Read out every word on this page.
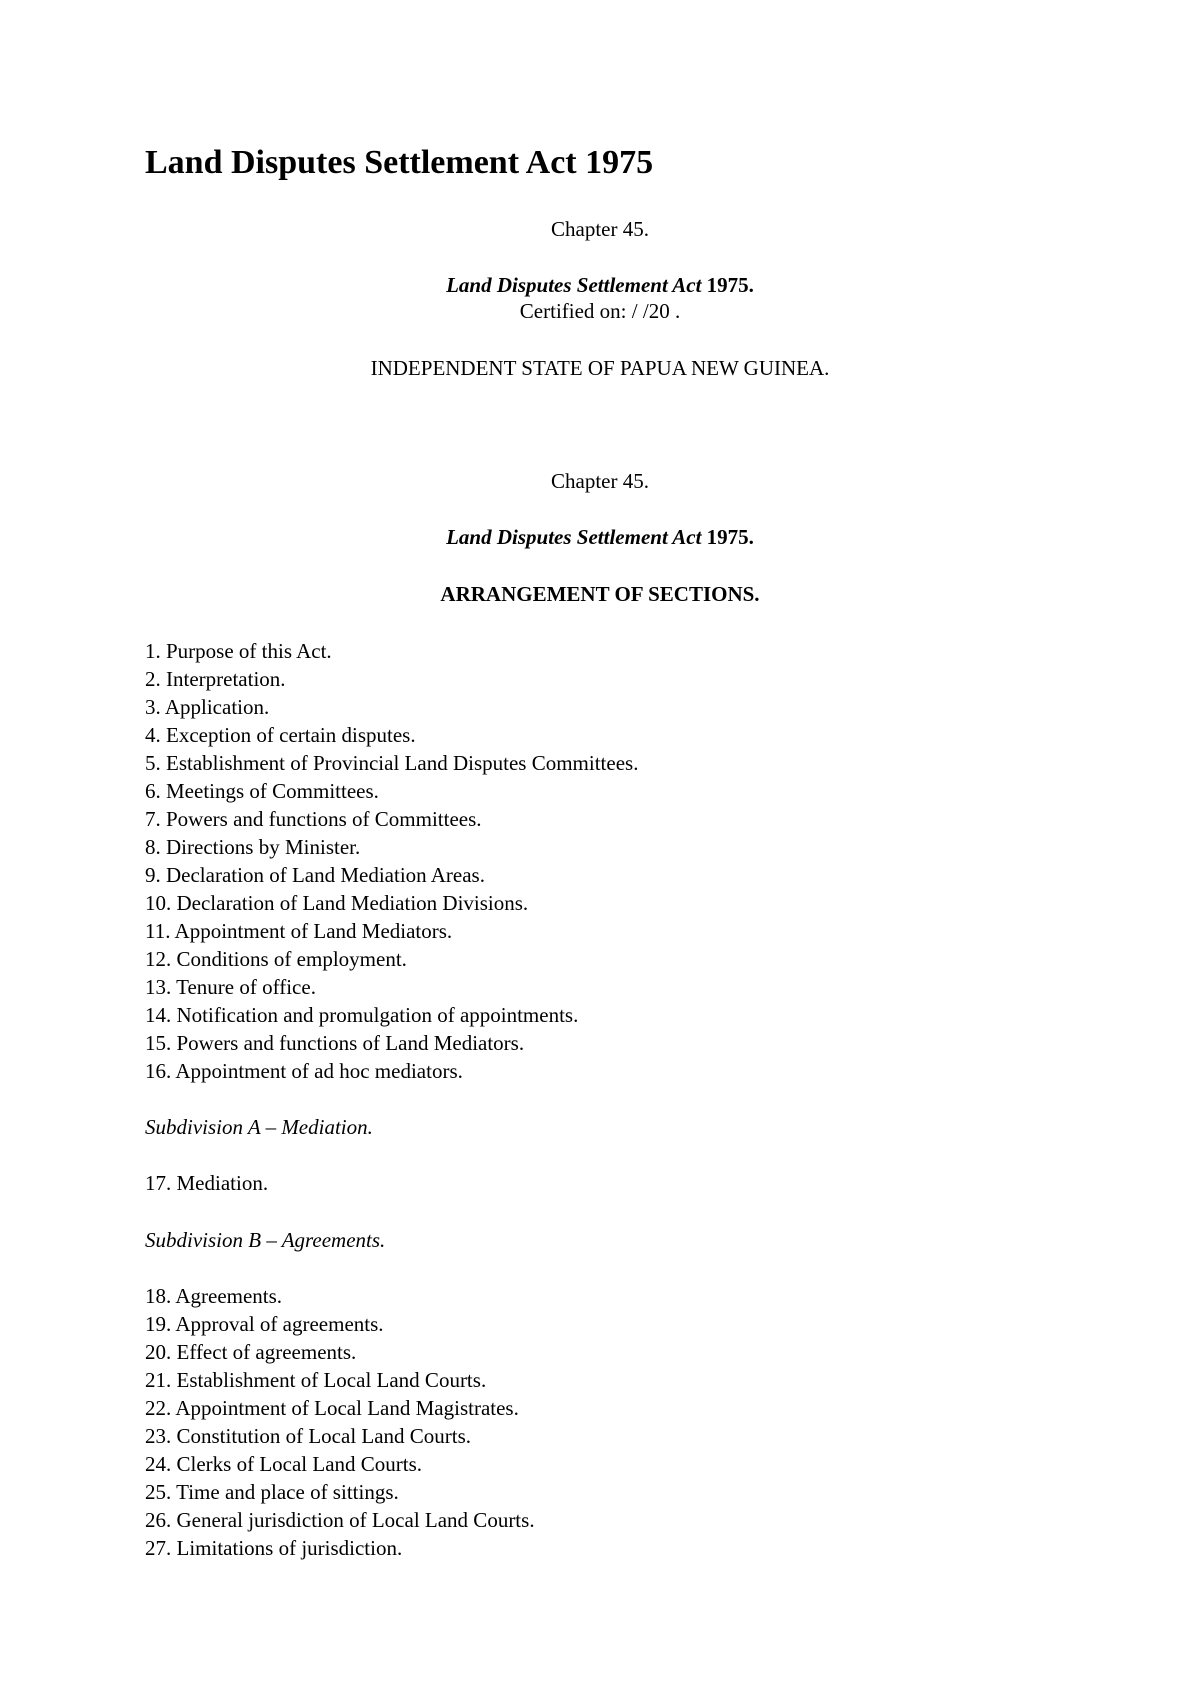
Land Disputes Settlement Act 1975
Chapter 45.
Land Disputes Settlement Act 1975.
Certified on: / /20 .
INDEPENDENT STATE OF PAPUA NEW GUINEA.
Chapter 45.
Land Disputes Settlement Act 1975.
ARRANGEMENT OF SECTIONS.
1. Purpose of this Act.
2. Interpretation.
3. Application.
4. Exception of certain disputes.
5. Establishment of Provincial Land Disputes Committees.
6. Meetings of Committees.
7. Powers and functions of Committees.
8. Directions by Minister.
9. Declaration of Land Mediation Areas.
10. Declaration of Land Mediation Divisions.
11. Appointment of Land Mediators.
12. Conditions of employment.
13. Tenure of office.
14. Notification and promulgation of appointments.
15. Powers and functions of Land Mediators.
16. Appointment of ad hoc mediators.
Subdivision A – Mediation.
17. Mediation.
Subdivision B – Agreements.
18. Agreements.
19. Approval of agreements.
20. Effect of agreements.
21. Establishment of Local Land Courts.
22. Appointment of Local Land Magistrates.
23. Constitution of Local Land Courts.
24. Clerks of Local Land Courts.
25. Time and place of sittings.
26. General jurisdiction of Local Land Courts.
27. Limitations of jurisdiction.
